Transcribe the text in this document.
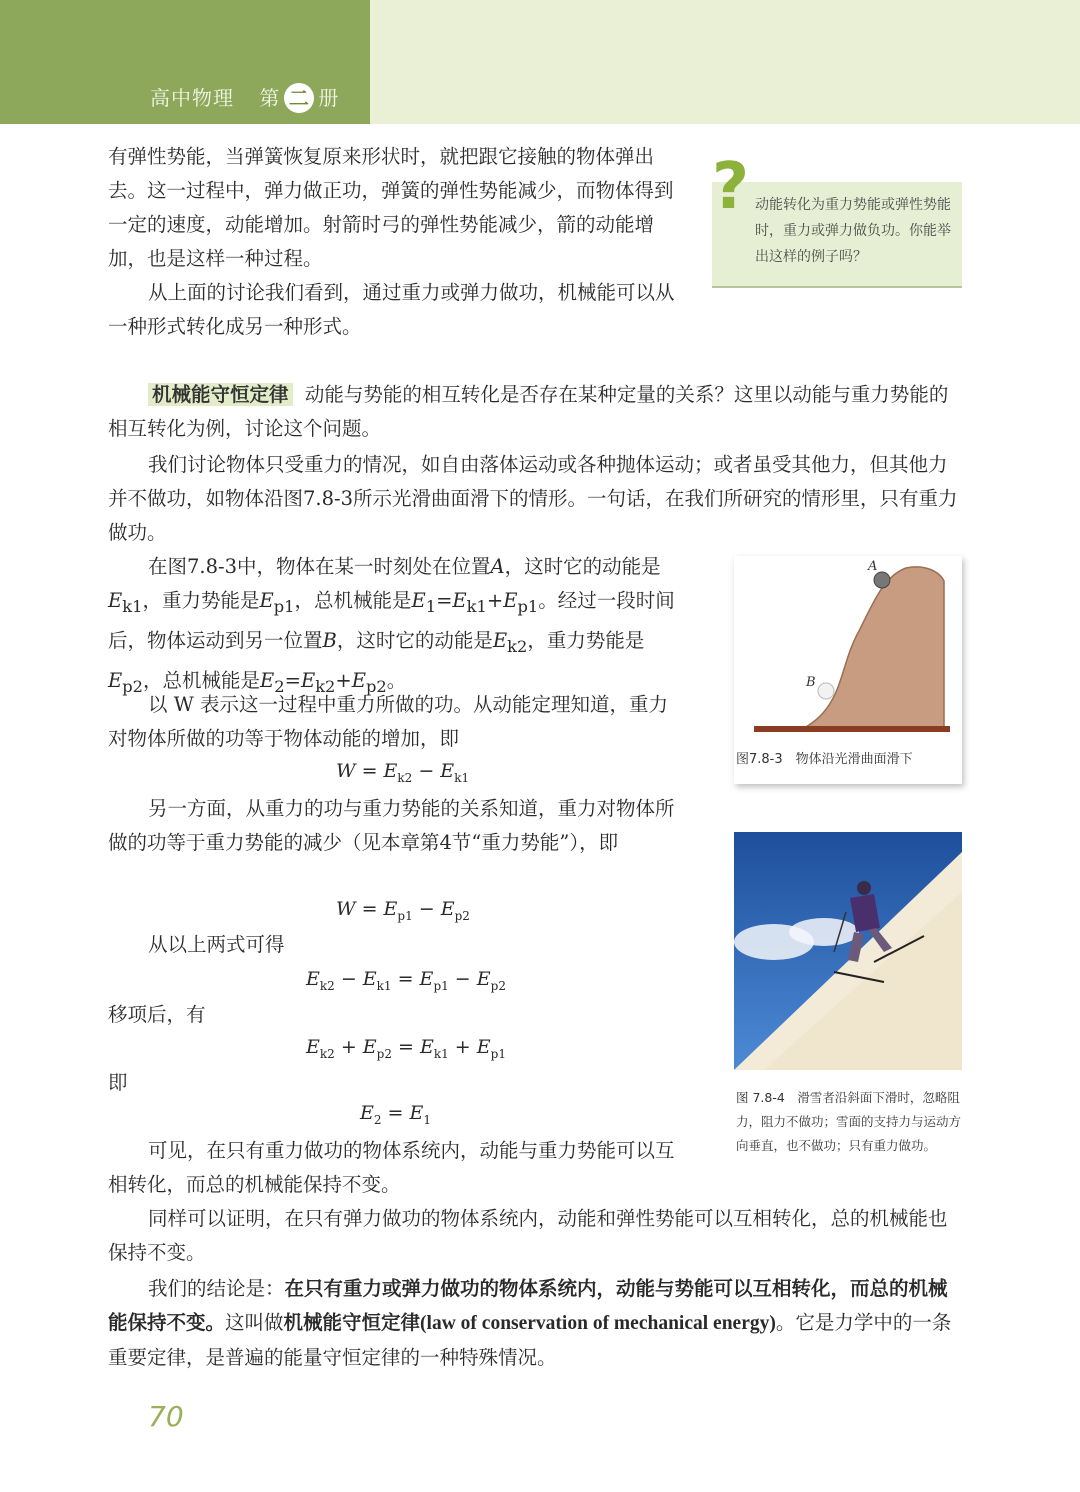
高中物理 第 二 册
有弹性势能，当弹簧恢复原来形状时，就把跟它接触的物体弹出去。这一过程中，弹力做正功，弹簧的弹性势能减少，而物体得到一定的速度，动能增加。射箭时弓的弹性势能减少，箭的动能增加，也是这样一种过程。
从上面的讨论我们看到，通过重力或弹力做功，机械能可以从一种形式转化成另一种形式。
? 动能转化为重力势能或弹性势能时，重力或弹力做负功。你能举出这样的例子吗？
机械能守恒定律 动能与势能的相互转化是否存在某种定量的关系？这里以动能与重力势能的相互转化为例，讨论这个问题。
我们讨论物体只受重力的情况，如自由落体运动或各种抛体运动；或者虽受其他力，但其他力并不做功，如物体沿图7.8-3所示光滑曲面滑下的情形。一句话，在我们所研究的情形里，只有重力做功。
在图7.8-3中，物体在某一时刻处在位置A，这时它的动能是$E_{k1}$，重力势能是$E_{p1}$，总机械能是$E_1=E_{k1}+E_{p1}$。经过一段时间后，物体运动到另一位置B，这时它的动能是$E_{k2}$，重力势能是$E_{p2}$，总机械能是$E_2=E_{k2}+E_{p2}$。
以 W 表示这一过程中重力所做的功。从动能定理知道，重力对物体所做的功等于物体动能的增加，即
$W = E_{k2} - E_{k1}$
另一方面，从重力的功与重力势能的关系知道，重力对物体所做的功等于重力势能的减少（见本章第4节“重力势能”），即
$W = E_{p1} - E_{p2}$
从以上两式可得
$E_{k2} - E_{k1} = E_{p1} - E_{p2}$
移项后，有
$E_{k2} + E_{p2} = E_{k1} + E_{p1}$
即
$E_2 = E_1$
可见，在只有重力做功的物体系统内，动能与重力势能可以互相转化，而总的机械能保持不变。
同样可以证明，在只有弹力做功的物体系统内，动能和弹性势能可以互相转化，总的机械能也保持不变。
我们的结论是：在只有重力或弹力做功的物体系统内，动能与势能可以互相转化，而总的机械能保持不变。这叫做机械能守恒定律(law of conservation of mechanical energy)。它是力学中的一条重要定律，是普遍的能量守恒定律的一种特殊情况。
A
B
图7.8-3　物体沿光滑曲面滑下
图 7.8-4　滑雪者沿斜面下滑时，忽略阻力，阻力不做功；雪面的支持力与运动方向垂直，也不做功；只有重力做功。
70
